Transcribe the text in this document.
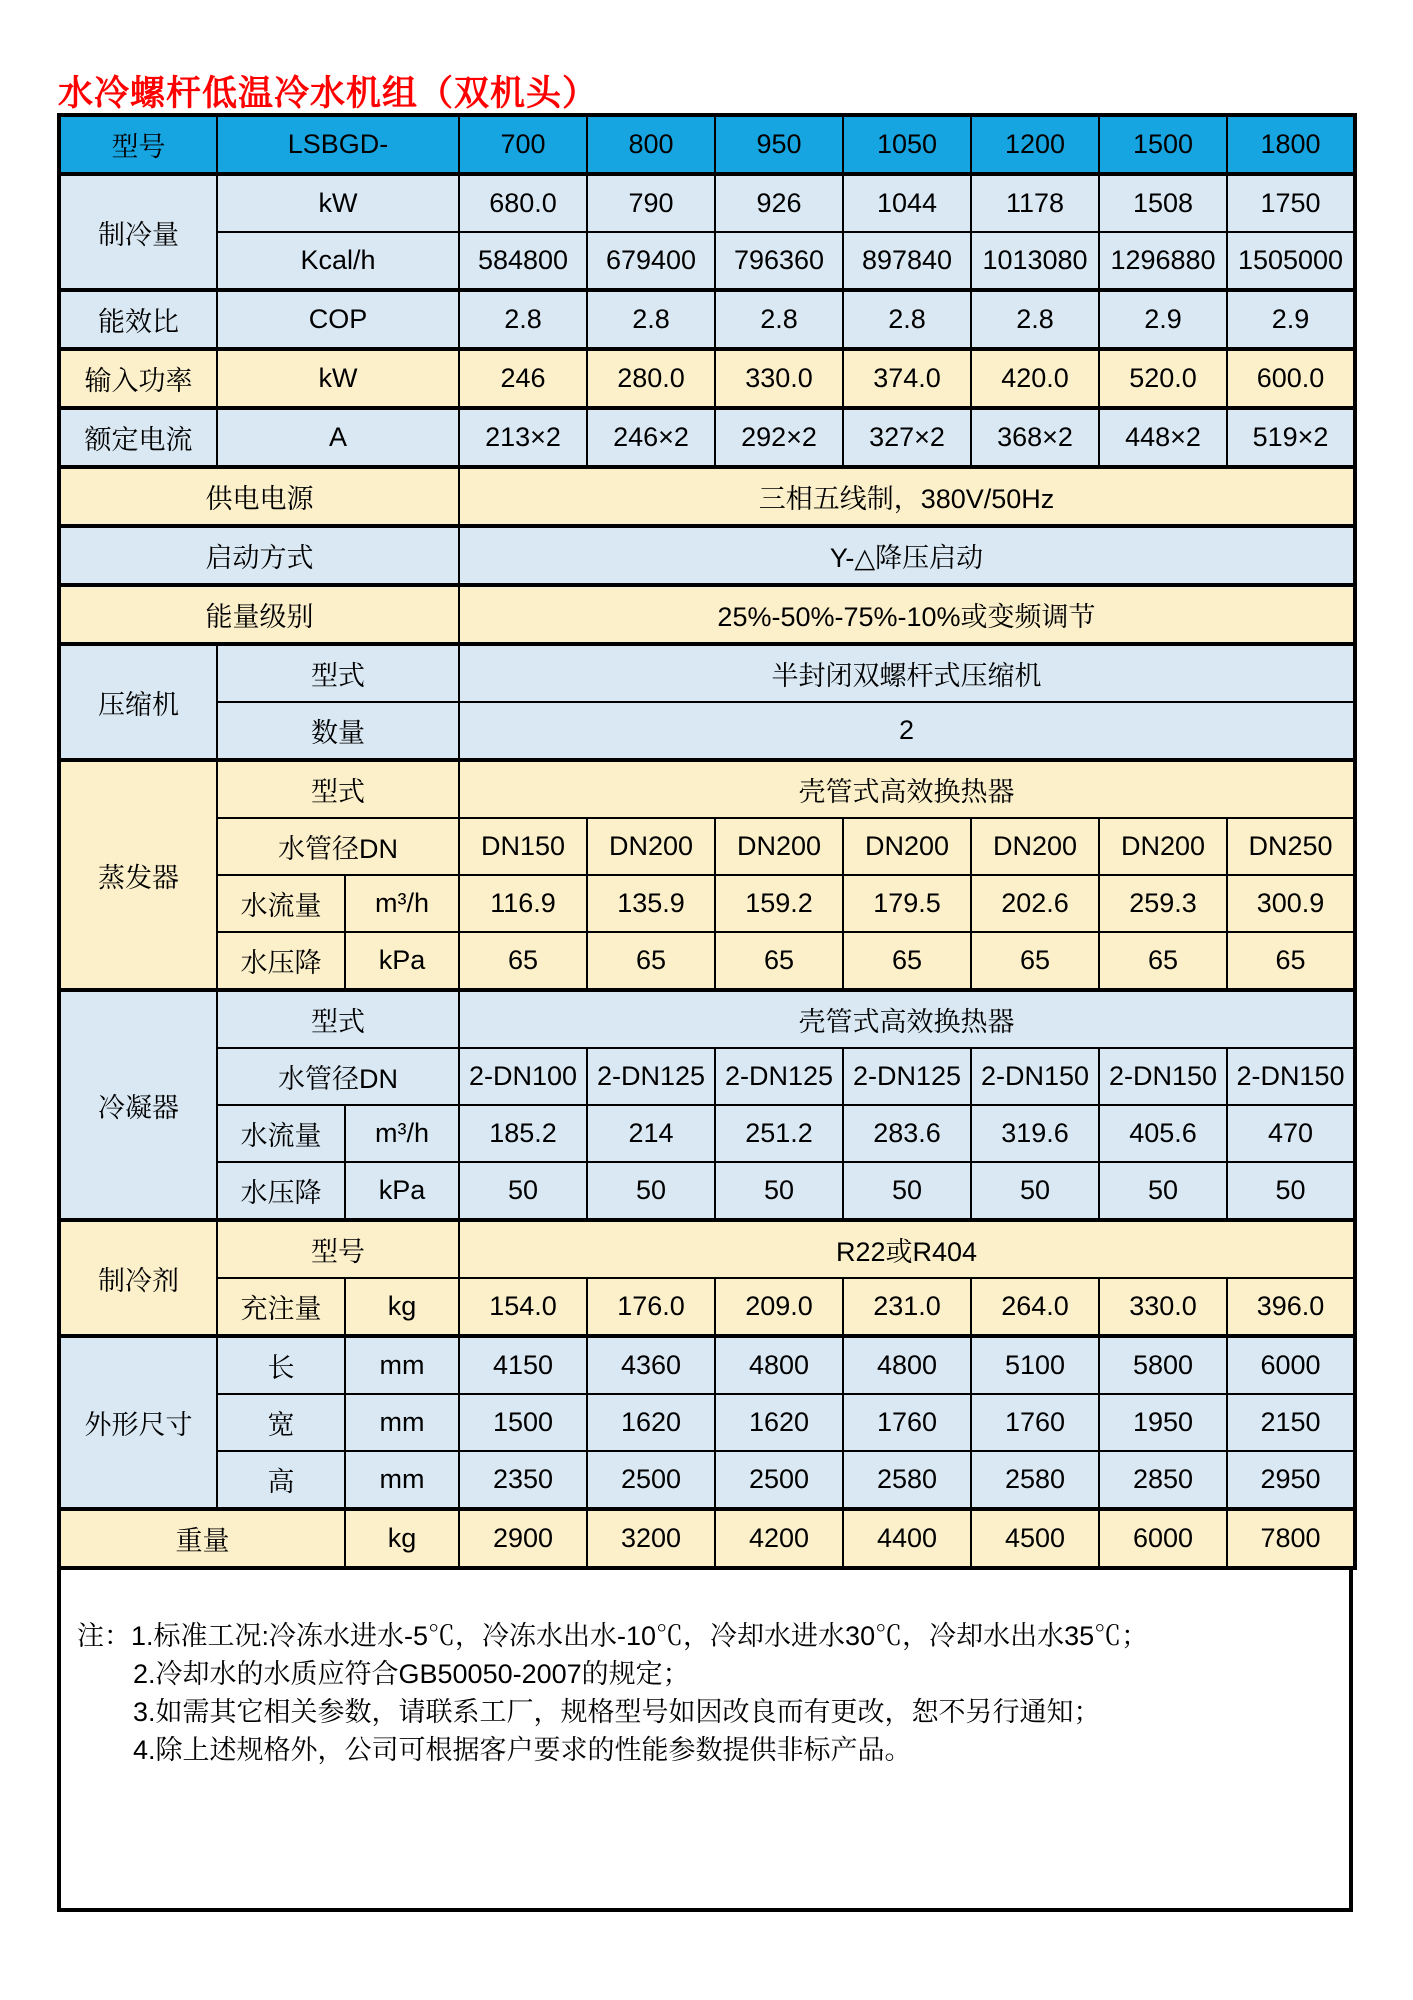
水冷螺杆低温冷水机组（双机头）
型号	LSBGD-		700	800	950	1050	1200	1500	1800
制冷量	kW		680.0	790	926	1044	1178	1508	1750
	Kcal/h		584800	679400	796360	897840	1013080	1296880	1505000
能效比	COP		2.8	2.8	2.8	2.8	2.8	2.9	2.9
输入功率	kW		246	280.0	330.0	374.0	420.0	520.0	600.0
额定电流	A		213×2	246×2	292×2	327×2	368×2	448×2	519×2
供电电源			三相五线制，380V/50Hz						
启动方式			Y-△降压启动						
能量级别			25%-50%-75%-10%或变频调节						
压缩机	型式		半封闭双螺杆式压缩机						
	数量		2						
蒸发器	型式		壳管式高效换热器						
	水管径DN		DN150	DN200	DN200	DN200	DN200	DN200	DN250
	水流量	m³/h	116.9	135.9	159.2	179.5	202.6	259.3	300.9
	水压降	kPa	65	65	65	65	65	65	65
冷凝器	型式		壳管式高效换热器						
	水管径DN		2-DN100	2-DN125	2-DN125	2-DN125	2-DN150	2-DN150	2-DN150
	水流量	m³/h	185.2	214	251.2	283.6	319.6	405.6	470
	水压降	kPa	50	50	50	50	50	50	50
制冷剂	型号		R22或R404						
	充注量	kg	154.0	176.0	209.0	231.0	264.0	330.0	396.0
外形尺寸	长	mm	4150	4360	4800	4800	5100	5800	6000
	宽	mm	1500	1620	1620	1760	1760	1950	2150
	高	mm	2350	2500	2500	2580	2580	2850	2950
重量		kg	2900	3200	4200	4400	4500	6000	7800

注：1.标准工况:冷冻水进水-5℃，冷冻水出水-10℃，冷却水进水30℃，冷却水出水35℃；

2.冷却水的水质应符合GB50050-2007的规定；

3.如需其它相关参数，请联系工厂，规格型号如因改良而有更改，恕不另行通知；

4.除上述规格外，公司可根据客户要求的性能参数提供非标产品。
